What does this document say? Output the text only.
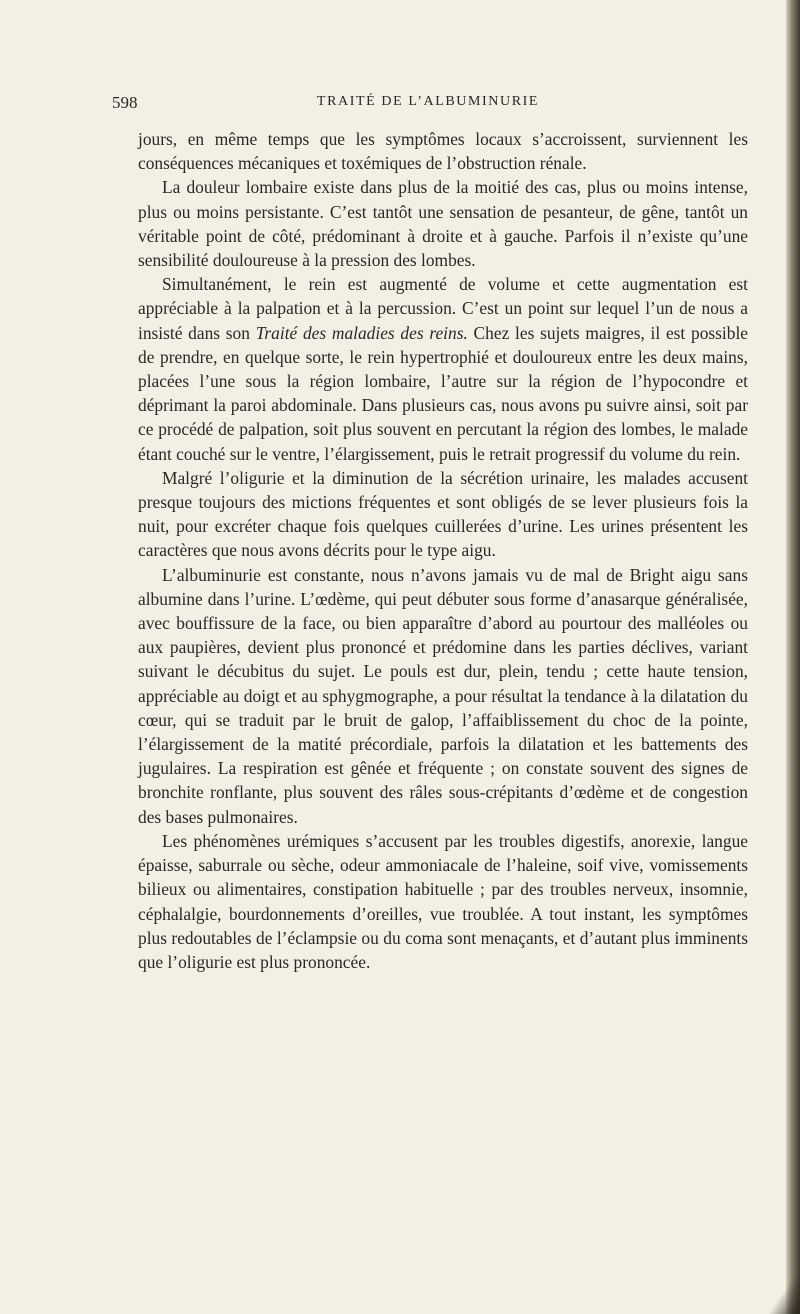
598	TRAITÉ DE L’ALBUMINURIE

jours, en même temps que les symptômes locaux s’accroissent, surviennent les conséquences mécaniques et toxémiques de l’obstruction rénale.

La douleur lombaire existe dans plus de la moitié des cas, plus ou moins intense, plus ou moins persistante. C’est tantôt une sensation de pesanteur, de gêne, tantôt un véritable point de côté, prédominant à droite et à gauche. Parfois il n’existe qu’une sensibilité douloureuse à la pression des lombes.

Simultanément, le rein est augmenté de volume et cette augmentation est appréciable à la palpation et à la percussion. C’est un point sur lequel l’un de nous a insisté dans son Traité des maladies des reins. Chez les sujets maigres, il est possible de prendre, en quelque sorte, le rein hypertrophié et douloureux entre les deux mains, placées l’une sous la région lombaire, l’autre sur la région de l’hypocondre et déprimant la paroi abdominale. Dans plusieurs cas, nous avons pu suivre ainsi, soit par ce procédé de palpation, soit plus souvent en percutant la région des lombes, le malade étant couché sur le ventre, l’élargissement, puis le retrait progressif du volume du rein.

Malgré l’oligurie et la diminution de la sécrétion urinaire, les malades accusent presque toujours des mictions fréquentes et sont obligés de se lever plusieurs fois la nuit, pour excréter chaque fois quelques cuillerées d’urine. Les urines présentent les caractères que nous avons décrits pour le type aigu.

L’albuminurie est constante, nous n’avons jamais vu de mal de Bright aigu sans albumine dans l’urine. L’œdème, qui peut débuter sous forme d’anasarque généralisée, avec bouffissure de la face, ou bien apparaître d’abord au pourtour des malléoles ou aux paupières, devient plus prononcé et prédomine dans les parties déclives, variant suivant le décubitus du sujet. Le pouls est dur, plein, tendu ; cette haute tension, appréciable au doigt et au sphygmographe, a pour résultat la tendance à la dilatation du cœur, qui se traduit par le bruit de galop, l’affaiblissement du choc de la pointe, l’élargissement de la matité précordiale, parfois la dilatation et les battements des jugulaires. La respiration est gênée et fréquente ; on constate souvent des signes de bronchite ronflante, plus souvent des râles sous-crépitants d’œdème et de congestion des bases pulmonaires.

Les phénomènes urémiques s’accusent par les troubles digestifs, anorexie, langue épaisse, saburrale ou sèche, odeur ammoniacale de l’haleine, soif vive, vomissements bilieux ou alimentaires, constipation habituelle ; par des troubles nerveux, insomnie, céphalalgie, bourdonnements d’oreilles, vue troublée. A tout instant, les symptômes plus redoutables de l’éclampsie ou du coma sont menaçants, et d’autant plus imminents que l’oligurie est plus prononcée.
